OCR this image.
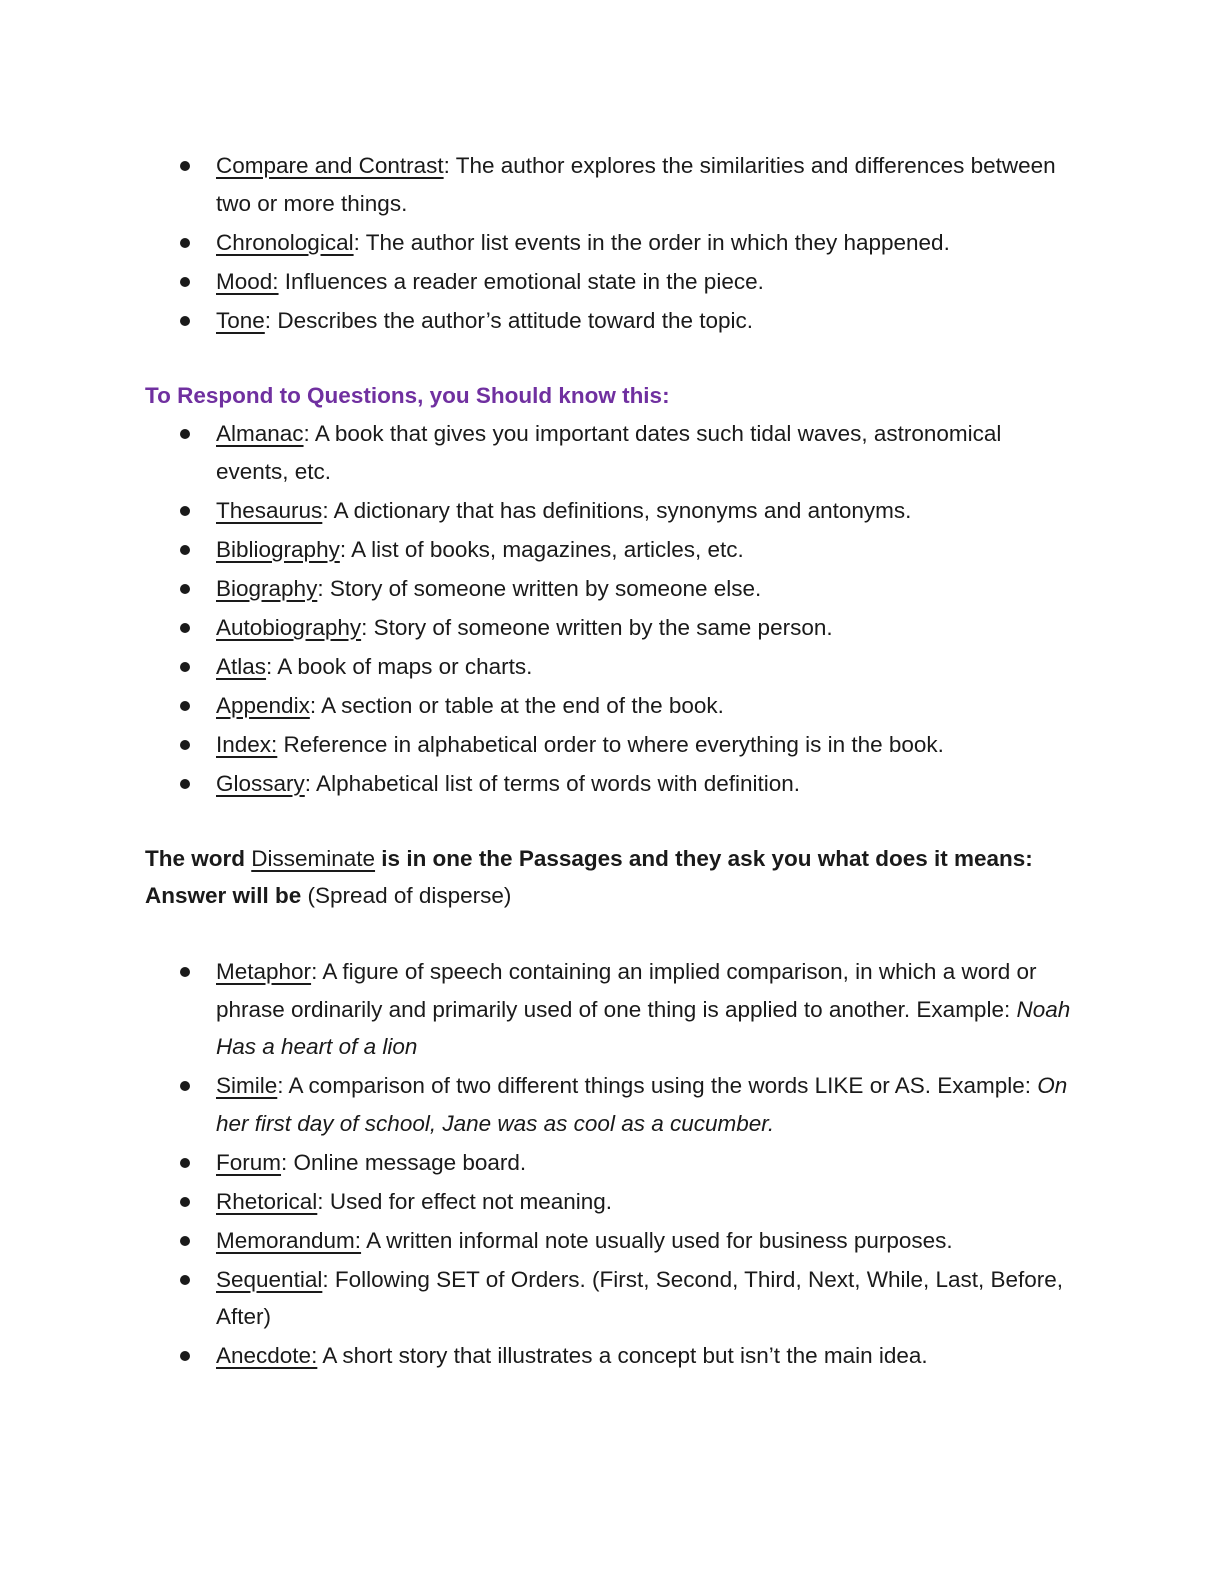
Compare and Contrast: The author explores the similarities and differences between two or more things.
Chronological: The author list events in the order in which they happened.
Mood: Influences a reader emotional state in the piece.
Tone: Describes the author’s attitude toward the topic.
To Respond to Questions, you Should know this:
Almanac: A book that gives you important dates such tidal waves, astronomical events, etc.
Thesaurus: A dictionary that has definitions, synonyms and antonyms.
Bibliography: A list of books, magazines, articles, etc.
Biography: Story of someone written by someone else.
Autobiography: Story of someone written by the same person.
Atlas: A book of maps or charts.
Appendix: A section or table at the end of the book.
Index: Reference in alphabetical order to where everything is in the book.
Glossary: Alphabetical list of terms of words with definition.

The word Disseminate is in one the Passages and they ask you what does it means: Answer will be (Spread of disperse)

Metaphor: A figure of speech containing an implied comparison, in which a word or phrase ordinarily and primarily used of one thing is applied to another. Example: Noah Has a heart of a lion
Simile: A comparison of two different things using the words LIKE or AS. Example: On her first day of school, Jane was as cool as a cucumber.
Forum: Online message board.
Rhetorical: Used for effect not meaning.
Memorandum: A written informal note usually used for business purposes.
Sequential: Following SET of Orders. (First, Second, Third, Next, While, Last, Before, After)
Anecdote: A short story that illustrates a concept but isn’t the main idea.
